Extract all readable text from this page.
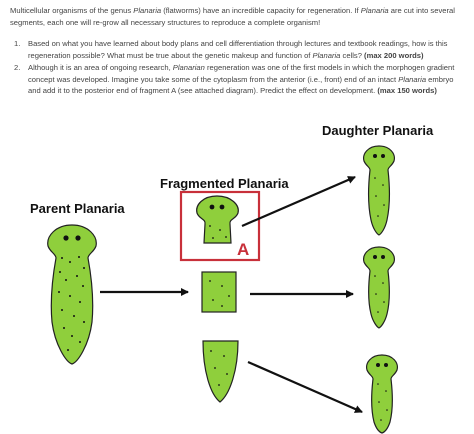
Multicellular organisms of the genus Planaria (flatworms) have an incredible capacity for regeneration. If Planaria are cut into several segments, each one will re-grow all necessary structures to reproduce a complete organism!
1. Based on what you have learned about body plans and cell differentiation through lectures and textbook readings, how is this regeneration possible? What must be true about the genetic makeup and function of Planaria cells? (max 200 words)
2. Although it is an area of ongoing research, Planarian regeneration was one of the first models in which the morphogen gradient concept was developed. Imagine you take some of the cytoplasm from the anterior (i.e., front) end of an intact Planaria embryo and add it to the posterior end of fragment A (see attached diagram). Predict the effect on development. (max 150 words)
Parent Planaria
Fragmented Planaria
Daughter Planaria
A
